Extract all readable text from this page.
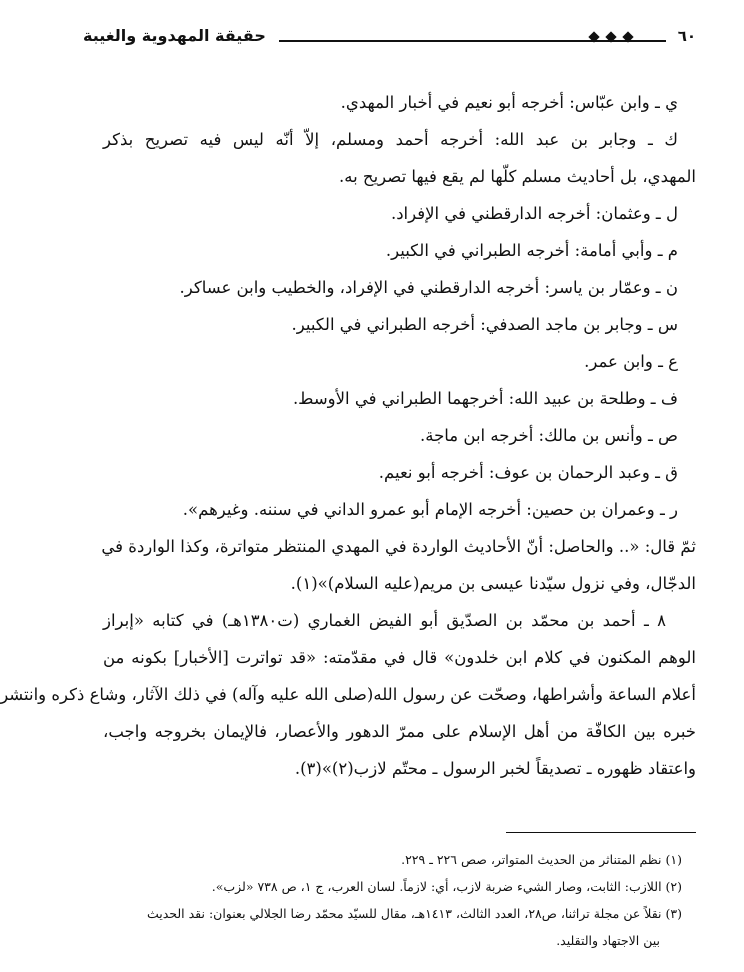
حقيقة المهدوية والغيبة	٦٠
ي ـ وابن عبّاس: أخرجه أبو نعيم في أخبار المهدي.
ك ـ وجابر بن عبد الله: أخرجه أحمد ومسلم، إلاّ أنّه ليس فيه تصريح بذكر
المهدي، بل أحاديث مسلم كلّها لم يقع فيها تصريح به.
ل ـ وعثمان: أخرجه الدارقطني في الإفراد.
م ـ وأبي أمامة: أخرجه الطبراني في الكبير.
ن ـ وعمّار بن ياسر: أخرجه الدارقطني في الإفراد، والخطيب وابن عساكر.
س ـ وجابر بن ماجد الصدفي: أخرجه الطبراني في الكبير.
ع ـ وابن عمر.
ف ـ وطلحة بن عبيد الله: أخرجهما الطبراني في الأوسط.
ص ـ وأنس بن مالك: أخرجه ابن ماجة.
ق ـ وعبد الرحمان بن عوف: أخرجه أبو نعيم.
ر ـ وعمران بن حصين: أخرجه الإمام أبو عمرو الداني في سننه. وغيرهم».
ثمّ قال: «.. والحاصل: أنّ الأحاديث الواردة في المهدي المنتظر متواترة، وكذا الواردة في
الدجّال، وفي نزول سيّدنا عيسى بن مريم(عليه السلام)»(١).
٨ ـ أحمد بن محمّد بن الصدّيق أبو الفيض الغماري (ت١٣٨٠هـ) في كتابه «إبراز
الوهم المكنون في كلام ابن خلدون» قال في مقدّمته: «قد تواترت [الأخبار] بكونه من
أعلام الساعة وأشراطها، وصحّت عن رسول الله(صلى الله عليه وآله) في ذلك الآثار، وشاع ذكره وانتشر
خبره بين الكافّة من أهل الإسلام على ممرّ الدهور والأعصار، فالإيمان بخروجه واجب،
واعتقاد ظهوره ـ تصديقاً لخبر الرسول ـ محتّم لازب(٢)»(٣).
(١) نظم المتناثر من الحديث المتواتر، صص ٢٢٦ ـ ٢٢٩.
(٢) اللازب: الثابت، وصار الشيء ضربة لازب، أي: لازماً. لسان العرب، ج ١، ص ٧٣٨ «لزب».
(٣) نقلاً عن مجلة تراثنا، ص٢٨، العدد الثالث، ١٤١٣هـ، مقال للسيّد محمّد رضا الجلالي بعنوان: نقد الحديث
بين الاجتهاد والتقليد.
